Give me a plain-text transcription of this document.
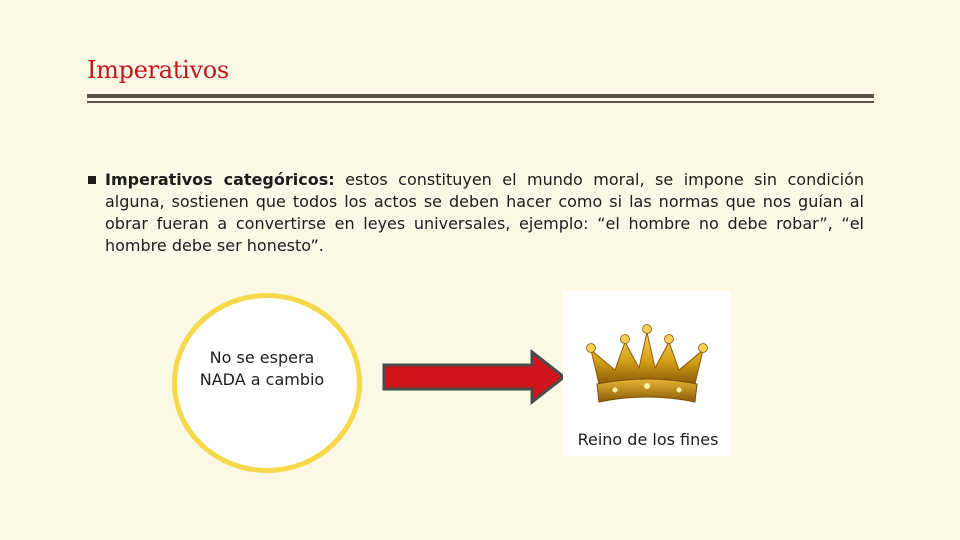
Imperativos
Imperativos categóricos: estos constituyen el mundo moral, se impone sin condición alguna, sostienen que todos los actos se deben hacer como si las normas que nos guían al obrar fueran a convertirse en leyes universales, ejemplo: “el hombre no debe robar”, “el hombre debe ser honesto”.
No se espera NADA a cambio
Reino de los fines
